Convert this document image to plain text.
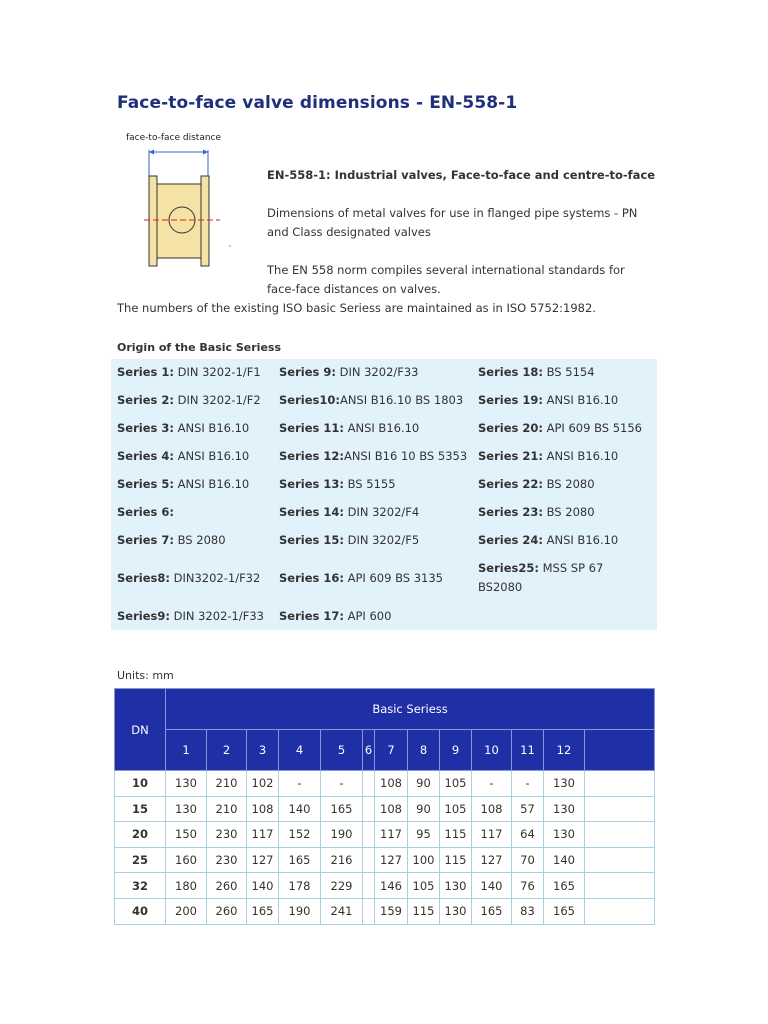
Face-to-face valve dimensions - EN-558-1
face-to-face distance
EN-558-1: Industrial valves, Face-to-face and centre-to-face
Dimensions of metal valves for use in flanged pipe systems - PN and Class designated valves
The EN 558 norm compiles several international standards for face-face distances on valves.
The numbers of the existing ISO basic Seriess are maintained as in ISO 5752:1982.
Origin of the Basic Seriess
Series 1: DIN 3202-1/F1
Series 2: DIN 3202-1/F2
Series 3: ANSI B16.10
Series 4: ANSI B16.10
Series 5: ANSI B16.10
Series 6:
Series 7: BS 2080
Series8: DIN3202-1/F32
Series9: DIN 3202-1/F33
Series 9: DIN 3202/F33
Series10:ANSI B16.10 BS 1803
Series 11: ANSI B16.10
Series 12:ANSI B16 10 BS 5353
Series 13: BS 5155
Series 14: DIN 3202/F4
Series 15: DIN 3202/F5
Series 16: API 609 BS 3135
Series 17: API 600
Series 18: BS 5154
Series 19: ANSI B16.10
Series 20: API 609 BS 5156
Series 21: ANSI B16.10
Series 22: BS 2080
Series 23: BS 2080
Series 24: ANSI B16.10
Series25: MSS SP 67 BS2080
Units: mm
DN	Basic Seriess												
	1	2	3	4	5	6	7	8	9	10	11	12	
10	130	210	102	-	-		108	90	105	-	-	130	
15	130	210	108	140	165		108	90	105	108	57	130	
20	150	230	117	152	190		117	95	115	117	64	130	
25	160	230	127	165	216		127	100	115	127	70	140	
32	180	260	140	178	229		146	105	130	140	76	165	
40	200	260	165	190	241		159	115	130	165	83	165	
